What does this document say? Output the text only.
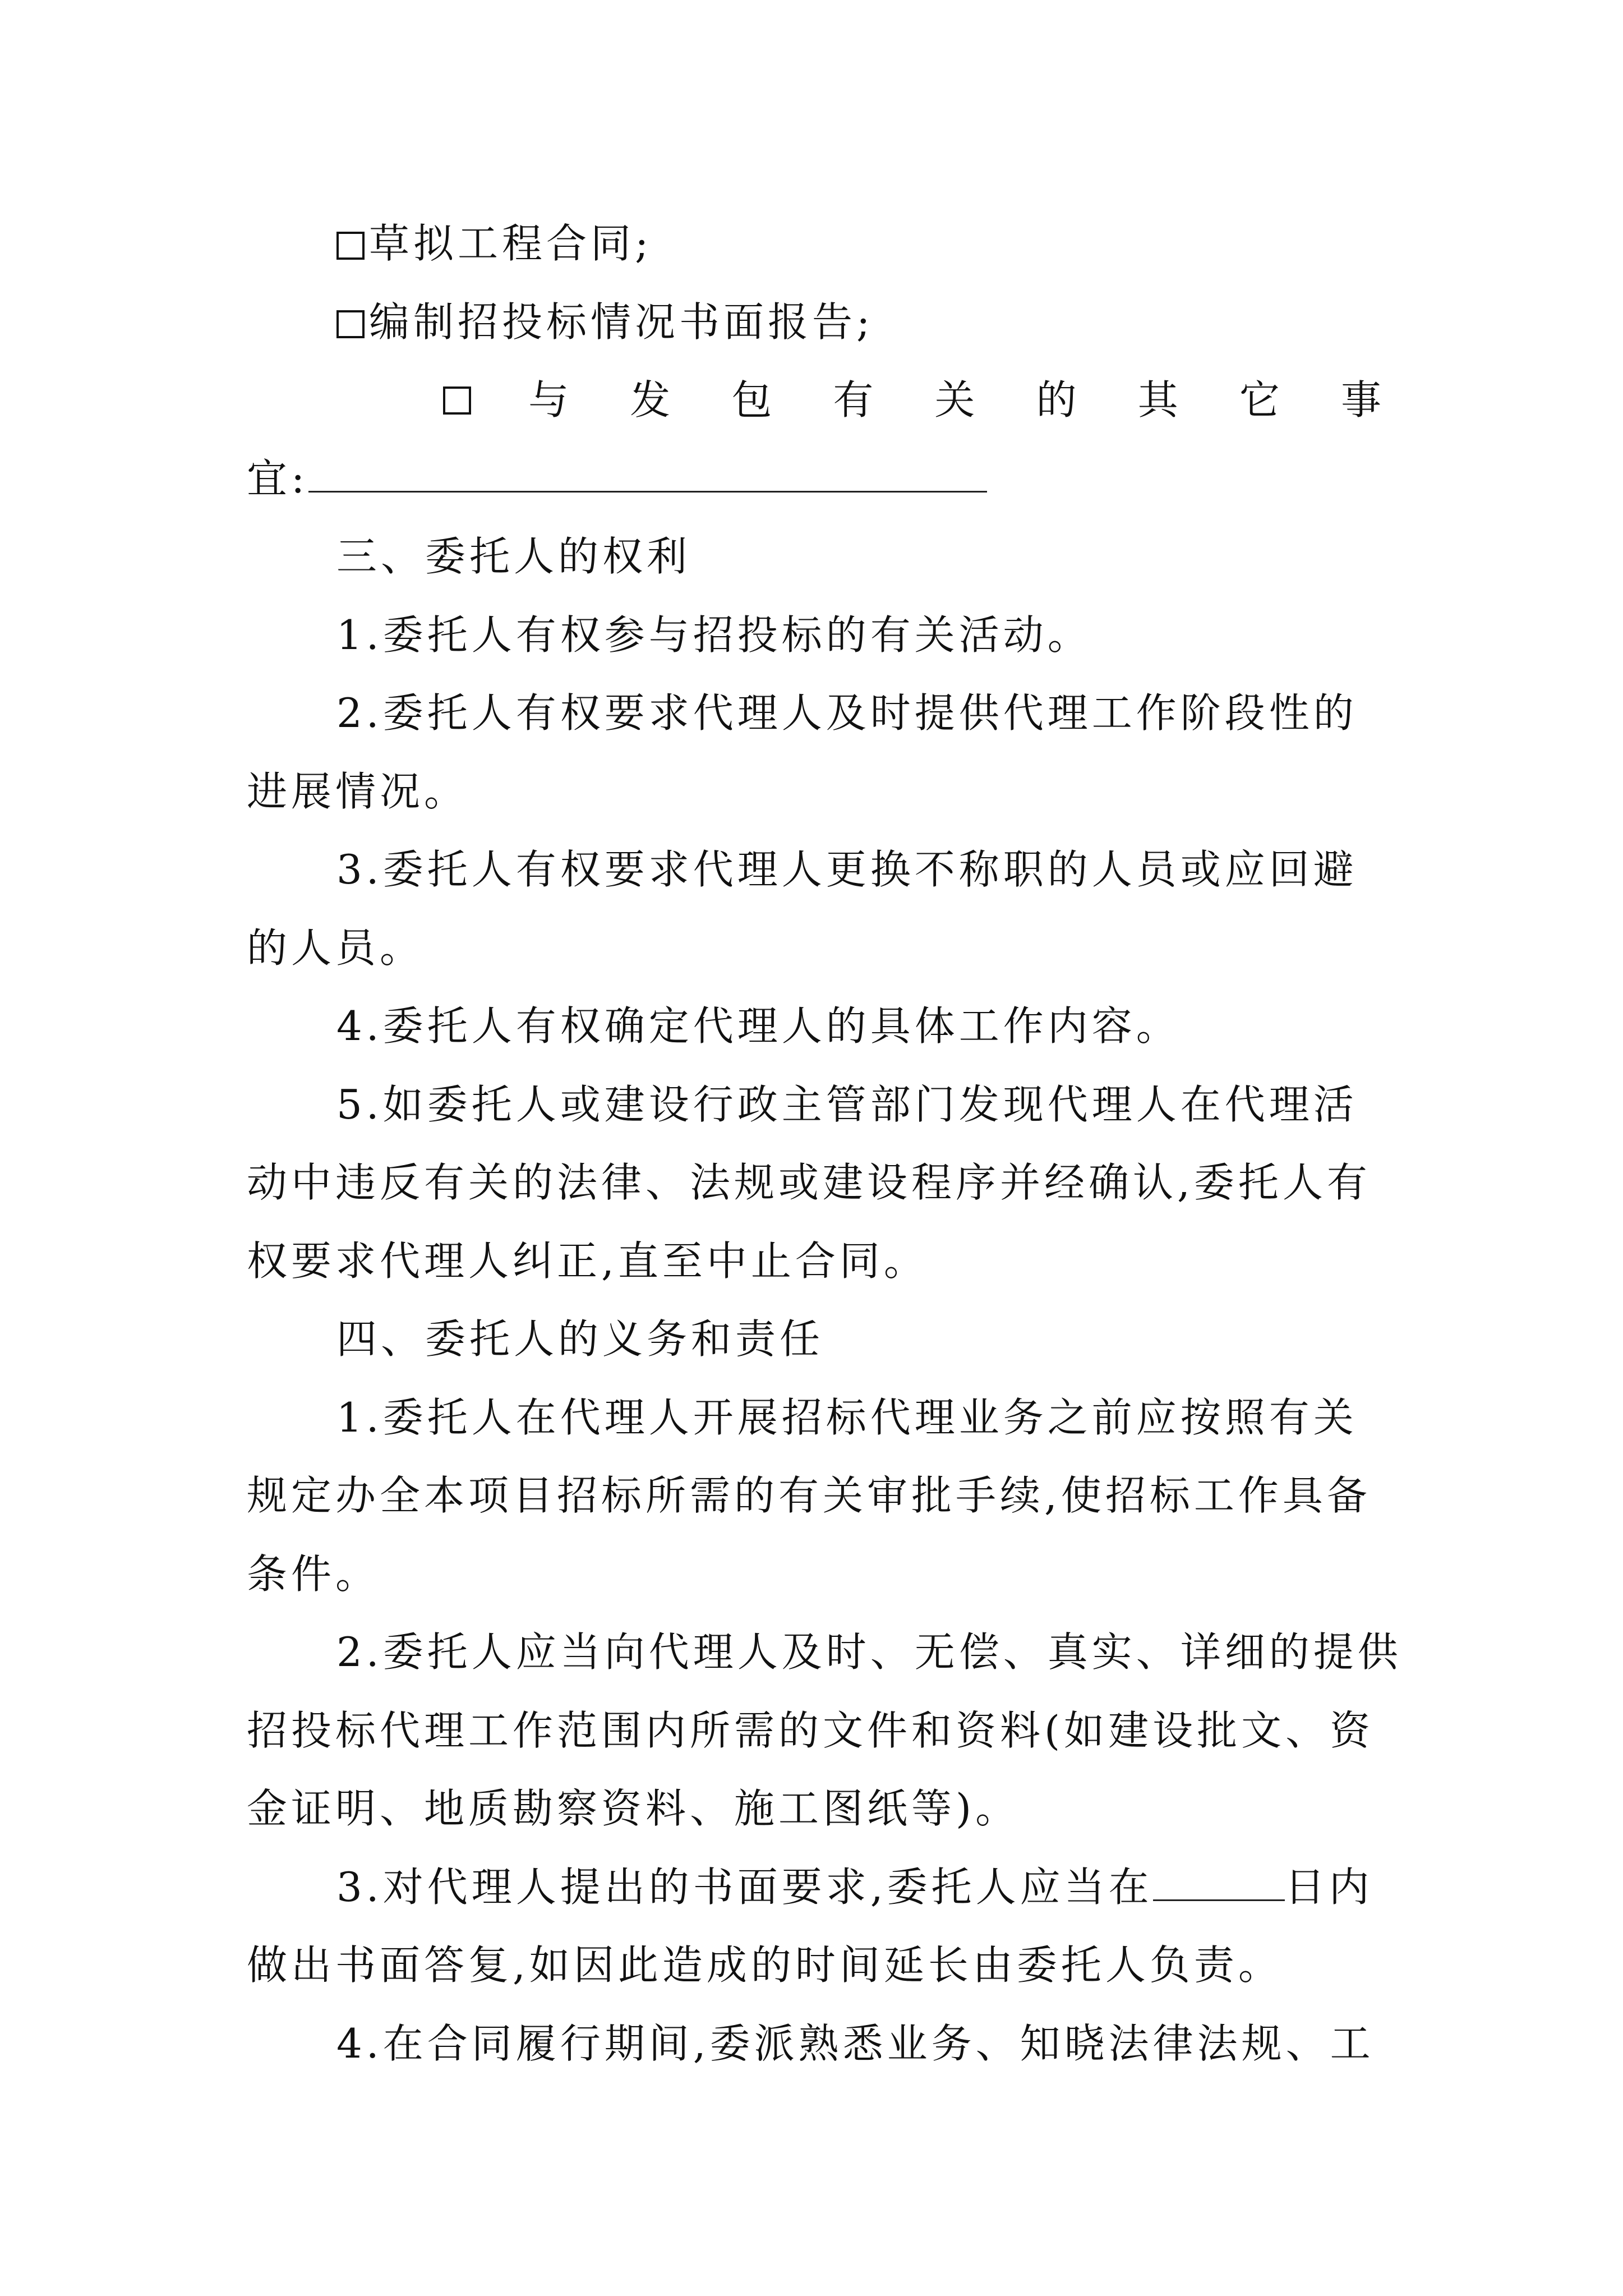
草拟工程合同;
编制招投标情况书面报告;
与 发 包 有 关 的 其 它 事
宜:
三、委托人的权利
1.委托人有权参与招投标的有关活动。
2.委托人有权要求代理人及时提供代理工作阶段性的
进展情况。
3.委托人有权要求代理人更换不称职的人员或应回避
的人员。
4.委托人有权确定代理人的具体工作内容。
5.如委托人或建设行政主管部门发现代理人在代理活
动中违反有关的法律、法规或建设程序并经确认,委托人有
权要求代理人纠正,直至中止合同。
四、委托人的义务和责任
1.委托人在代理人开展招标代理业务之前应按照有关
规定办全本项目招标所需的有关审批手续,使招标工作具备
条件。
2.委托人应当向代理人及时、无偿、真实、详细的提供
招投标代理工作范围内所需的文件和资料(如建设批文、资
金证明、地质勘察资料、施工图纸等)。
3.对代理人提出的书面要求,委托人应当在	日内
做出书面答复,如因此造成的时间延长由委托人负责。
4.在合同履行期间,委派熟悉业务、知晓法律法规、工
